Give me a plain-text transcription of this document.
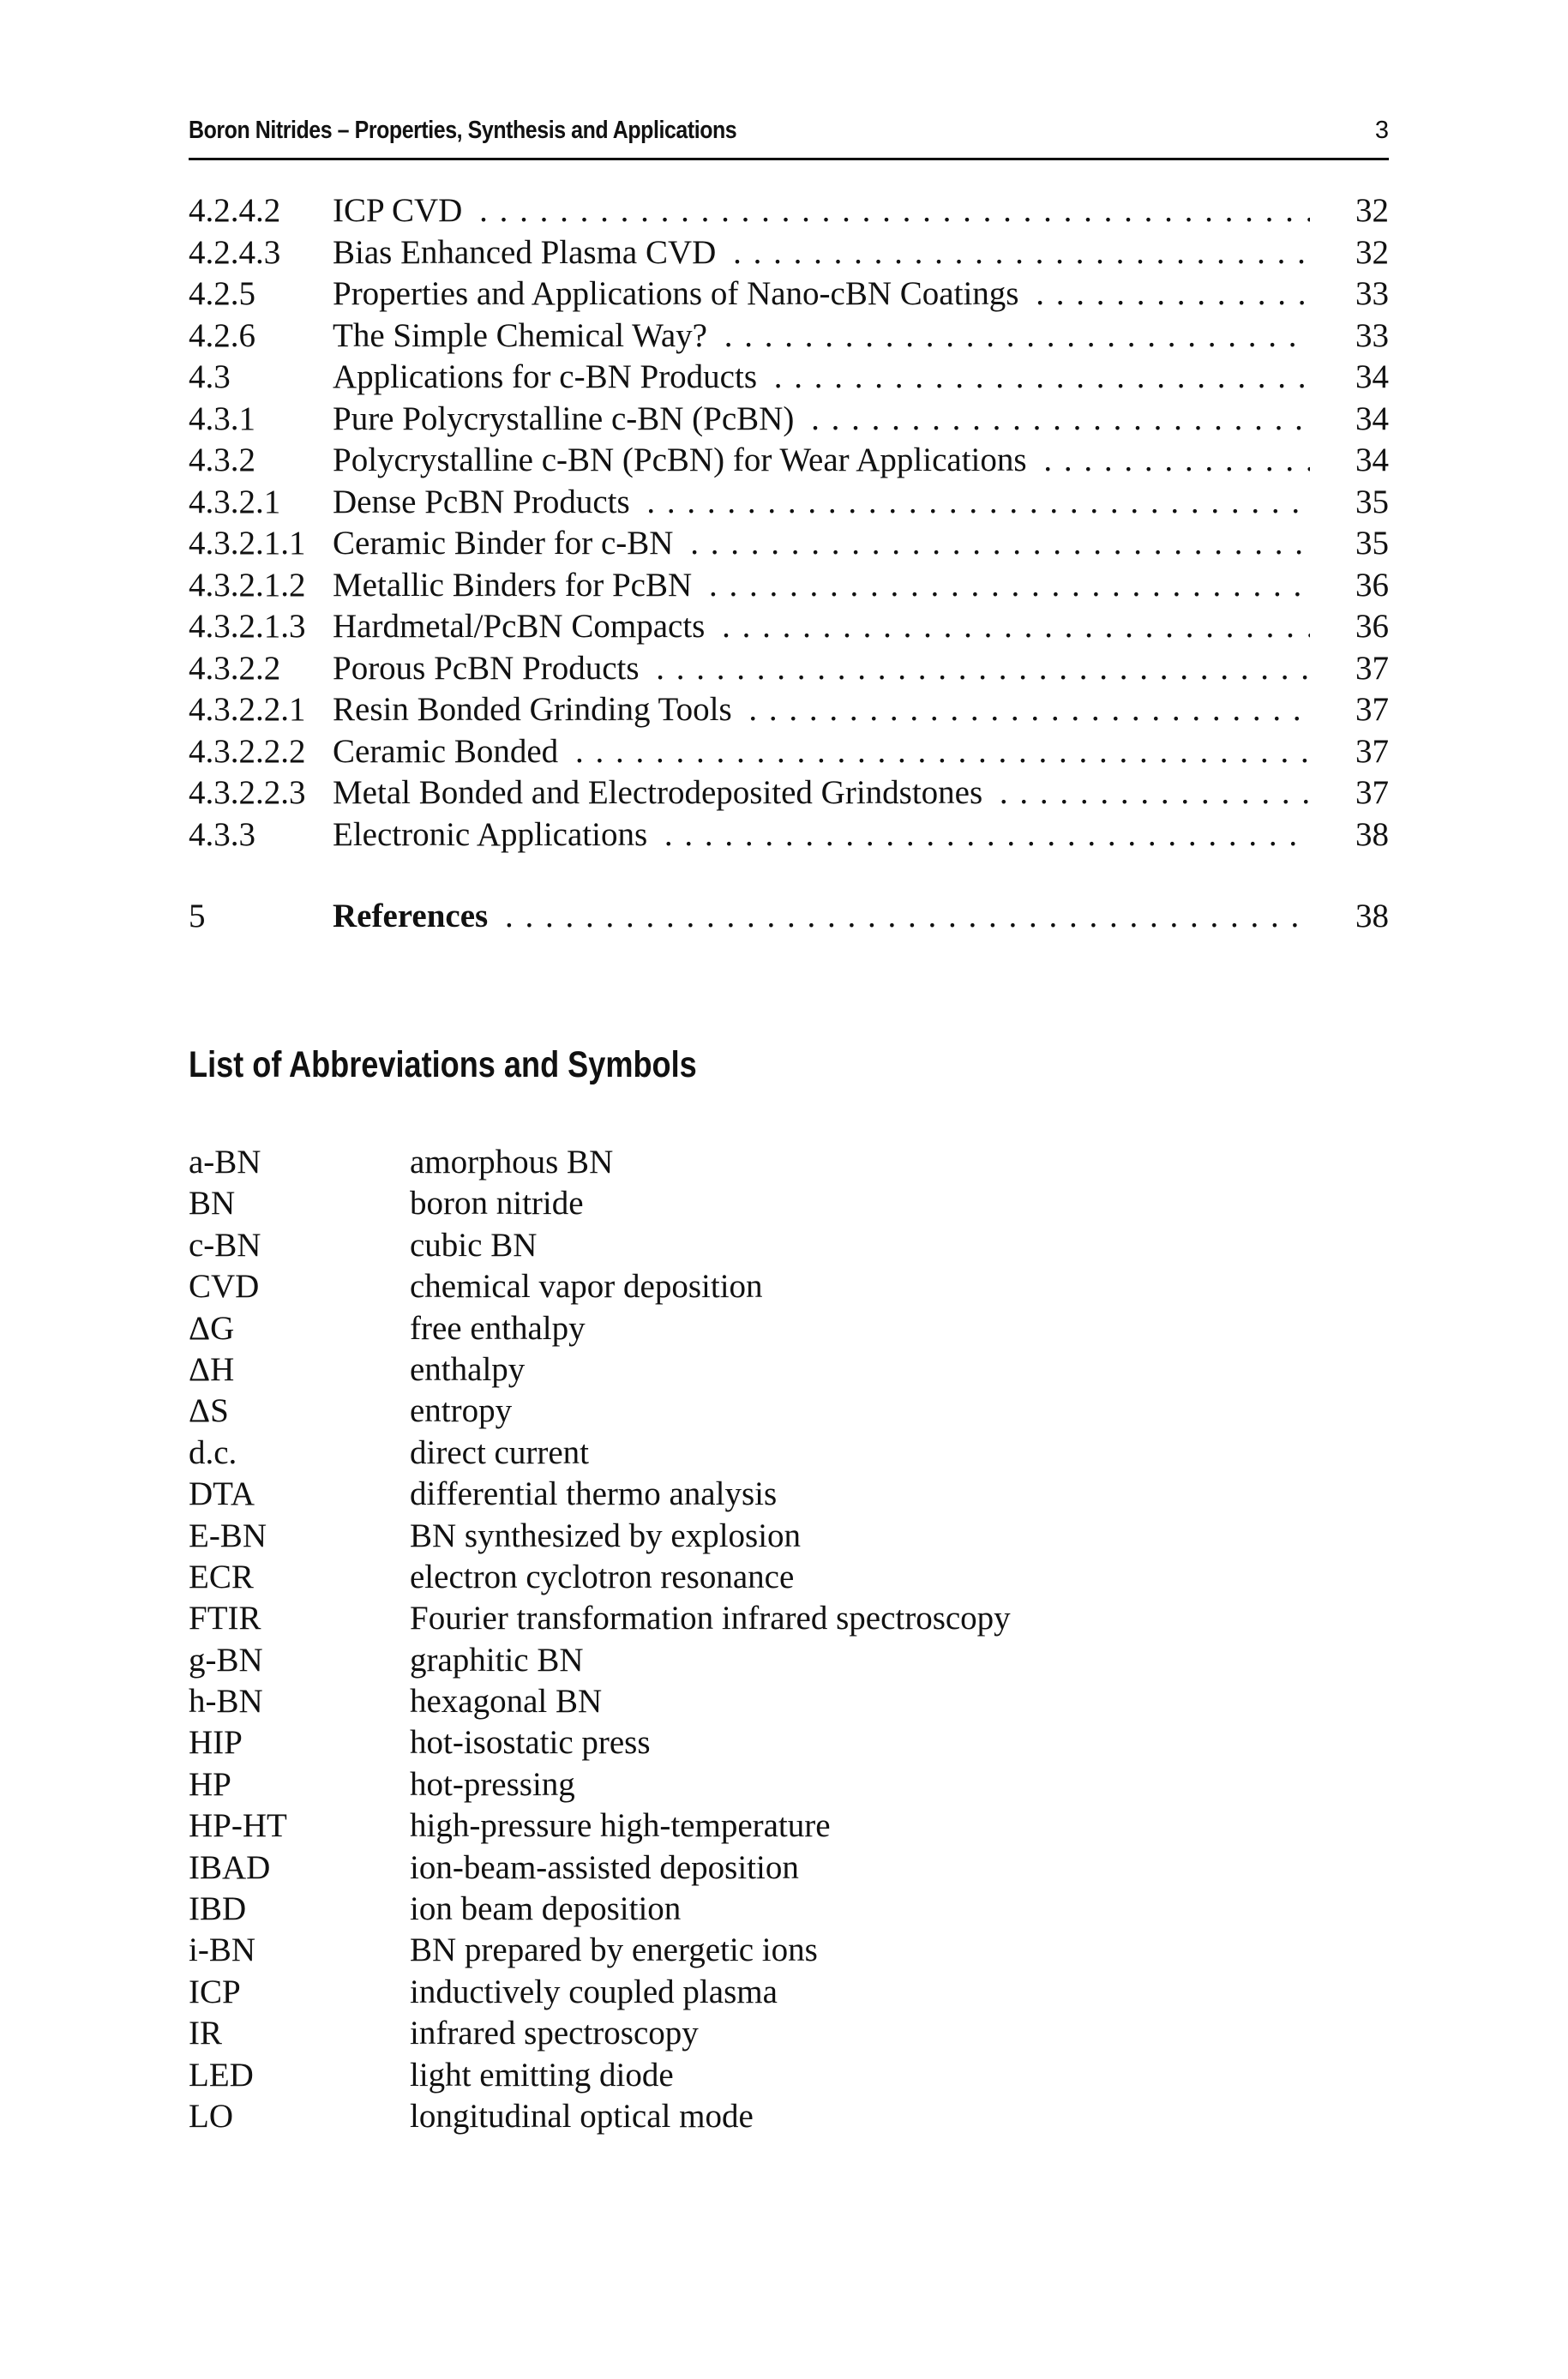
Boron Nitrides – Properties, Synthesis and Applications	3
4.2.4.2 ICP CVD . . .	32
4.2.4.3 Bias Enhanced Plasma CVD . . .	32
4.2.5 Properties and Applications of Nano-cBN Coatings . . .	33
4.2.6 The Simple Chemical Way? . . .	33
4.3	Applications for c-BN Products . . .	34
4.3.1 Pure Polycrystalline c-BN (PcBN) . . .	34
4.3.2 Polycrystalline c-BN (PcBN) for Wear Applications . . .	34
4.3.2.1 Dense PcBN Products . . .	35
4.3.2.1.1 Ceramic Binder for c-BN . . .	35
4.3.2.1.2 Metallic Binders for PcBN . . .	36
4.3.2.1.3 Hardmetal/PcBN Compacts . . .	36
4.3.2.2 Porous PcBN Products . . .	37
4.3.2.2.1 Resin Bonded Grinding Tools . . .	37
4.3.2.2.2 Ceramic Bonded . . .	37
4.3.2.2.3 Metal Bonded and Electrodeposited Grindstones . . .	37
4.3.3 Electronic Applications . . .	38
5	References . . .	38
List of Abbreviations and Symbols
a-BN	amorphous BN
BN	boron nitride
c-BN	cubic BN
CVD	chemical vapor deposition
ΔG	free enthalpy
ΔH	enthalpy
ΔS	entropy
d.c.	direct current
DTA	differential thermo analysis
E-BN	BN synthesized by explosion
ECR	electron cyclotron resonance
FTIR	Fourier transformation infrared spectroscopy
g-BN	graphitic BN
h-BN	hexagonal BN
HIP	hot-isostatic press
HP	hot-pressing
HP-HT	high-pressure high-temperature
IBAD	ion-beam-assisted deposition
IBD	ion beam deposition
i-BN	BN prepared by energetic ions
ICP	inductively coupled plasma
IR	infrared spectroscopy
LED	light emitting diode
LO	longitudinal optical mode
